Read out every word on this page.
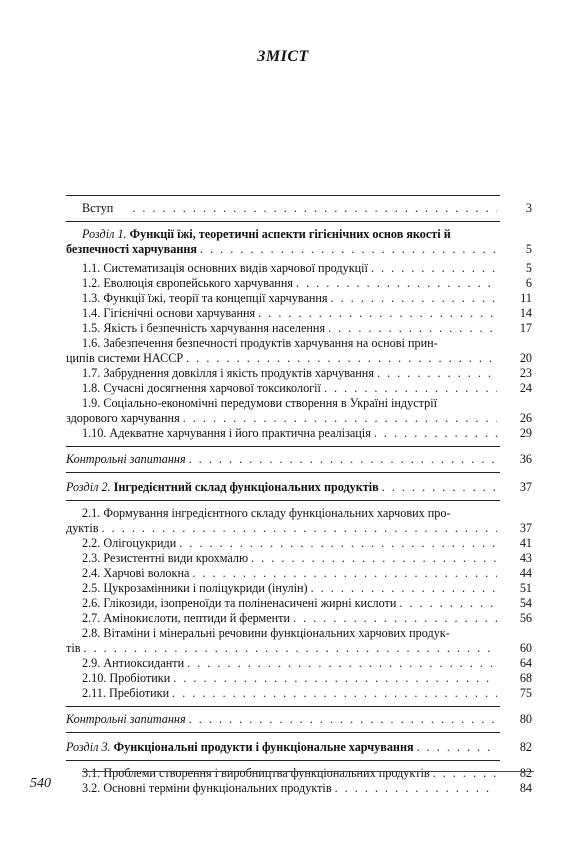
ЗМІСТ
Вступ . . .	3
Розділ 1. Функції їжі, теоретичні аспекти гігієнічних основ якості й
безпечності харчування . . .	5
1.1. Систематизація основних видів харчової продукції . . .	5
1.2. Еволюція європейського харчування . . .	6
1.3. Функції їжі, теорії та концепції харчування . . .	11
1.4. Гігієнічні основи харчування . . .	14
1.5. Якість і безпечність харчування населення . . .	17
1.6. Забезпечення безпечності продуктів харчування на основі прин-
ципів системи НАССР . . .	20
1.7. Забруднення довкілля і якість продуктів харчування . . .	23
1.8. Сучасні досягнення харчової токсикології . . .	24
1.9. Соціально-економічні передумови створення в Україні індустрії
здорового харчування . . .	26
1.10. Адекватне харчування і його практична реалізація . . .	29
Контрольні запитання . . .	36
Розділ 2. Інгредієнтний склад функціональних продуктів . . .	37
2.1. Формування інгредієнтного складу функціональних харчових про-
дуктів . . .	37
2.2. Олігоцукриди . . .	41
2.3. Резистентні види крохмалю . . .	43
2.4. Харчові волокна . . .	44
2.5. Цукрозамінники і поліцукриди (інулін) . . .	51
2.6. Глікозиди, ізопреноїди та поліненасичені жирні кислоти . . .	54
2.7. Амінокислоти, пептиди й ферменти . . .	56
2.8. Вітаміни і мінеральні речовини функціональних харчових продук-
тів . . .	60
2.9. Антиоксиданти . . .	64
2.10. Пробіотики . . .	68
2.11. Пребіотики . . .	75
Контрольні запитання . . .	80
Розділ 3. Функціональні продукти і функціональне харчування . . .	82
3.1. Проблеми створення і виробництва функціональних продуктів . . .	82
3.2. Основні терміни функціональних продуктів . . .	84
540
